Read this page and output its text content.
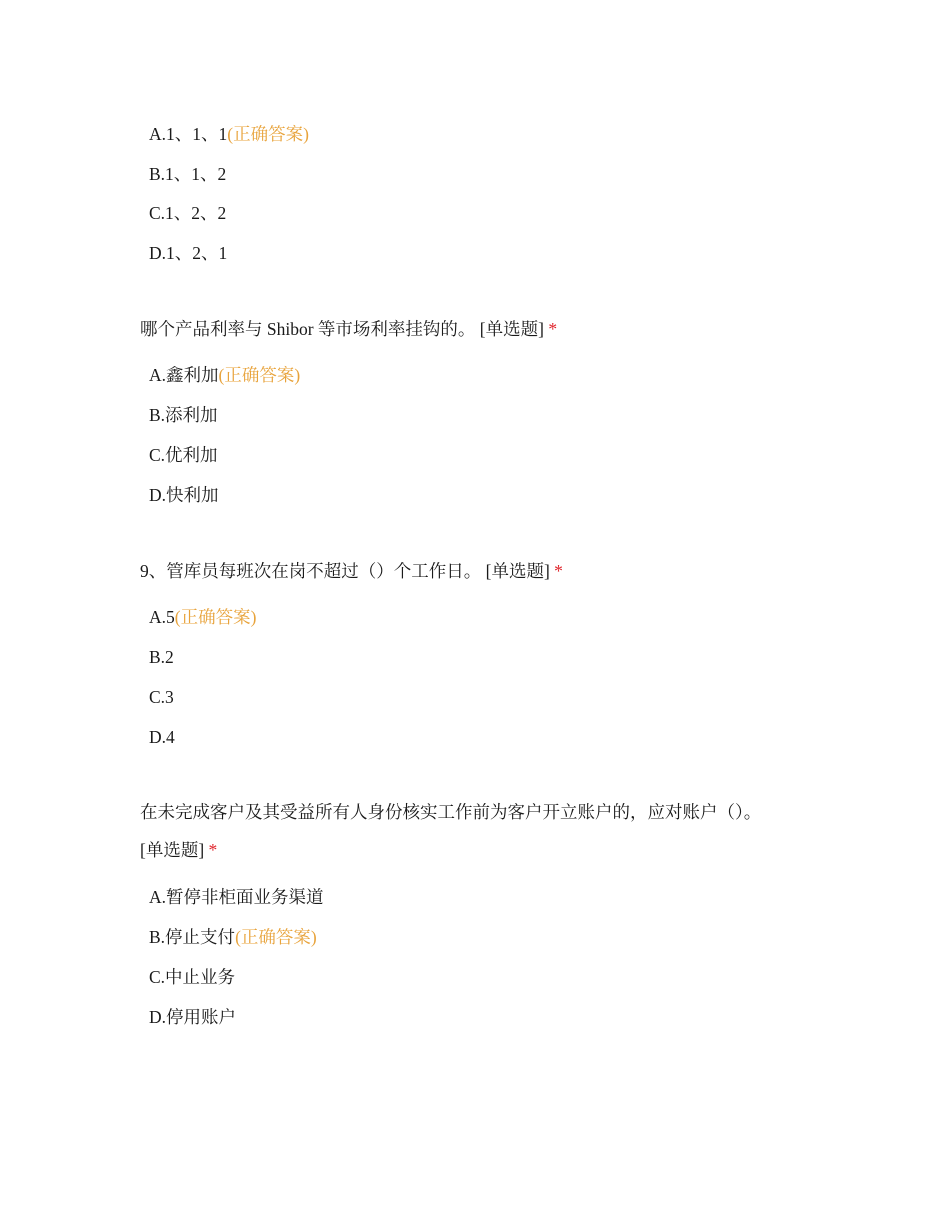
A.1、1、1(正确答案)
B.1、1、2
C.1、2、2
D.1、2、1
哪个产品利率与 Shibor 等市场利率挂钩的。 [单选题] *
A.鑫利加(正确答案)
B.添利加
C.优利加
D.快利加
9、管库员每班次在岗不超过（）个工作日。 [单选题] *
A.5(正确答案)
B.2
C.3
D.4
在未完成客户及其受益所有人身份核实工作前为客户开立账户的，应对账户（）。
[单选题] *
A.暂停非柜面业务渠道
B.停止支付(正确答案)
C.中止业务
D.停用账户
